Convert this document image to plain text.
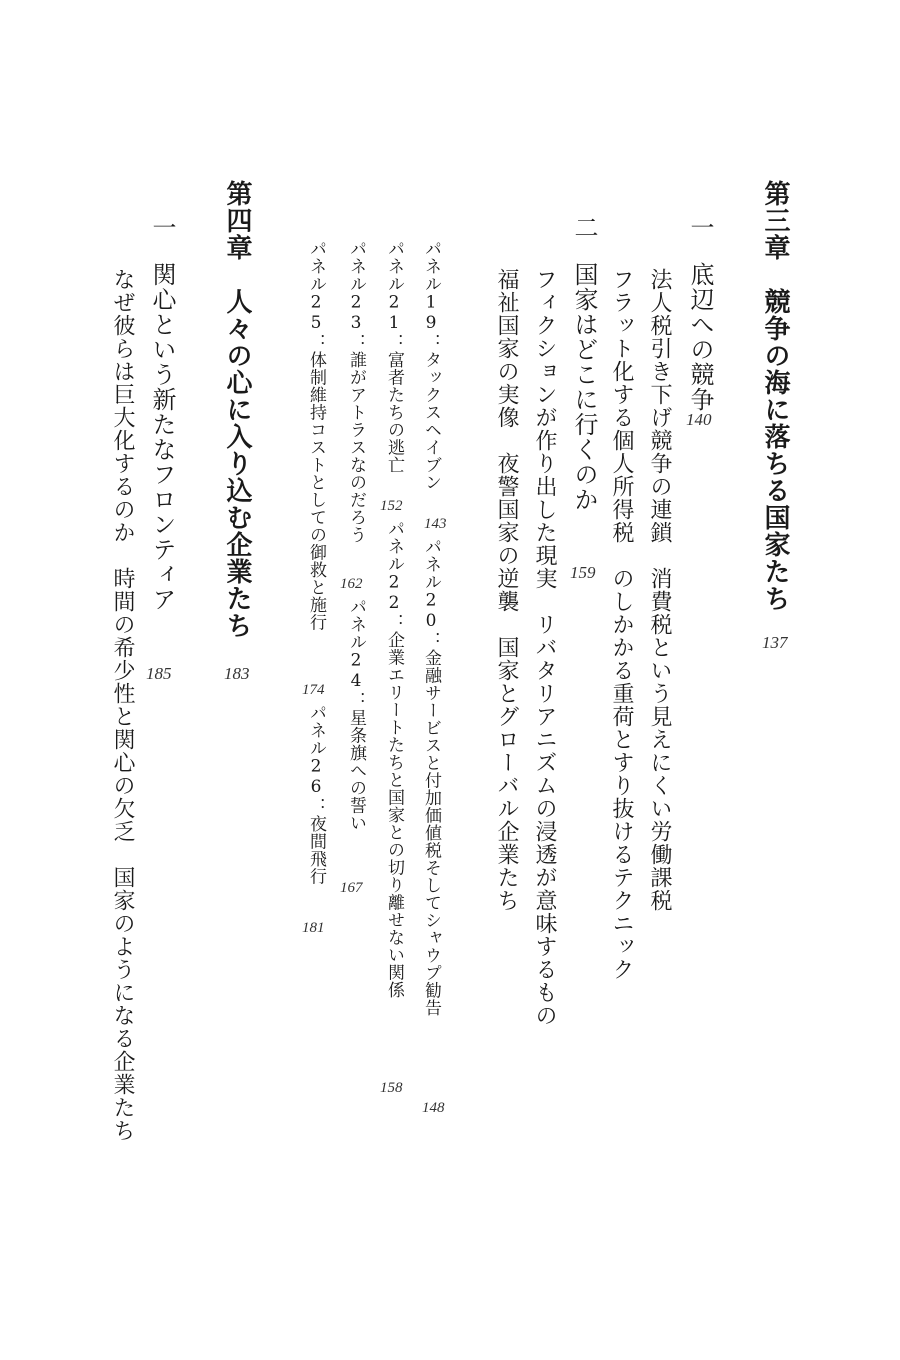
第三章　競争の海に落ちる国家たち
137
一
底辺への競争
140
法人税引き下げ競争の連鎖　消費税という見えにくい労働課税
フラット化する個人所得税　のしかかる重荷とすり抜けるテクニック
二
国家はどこに行くのか
159
フィクションが作り出した現実　リバタリアニズムの浸透が意味するもの
福祉国家の実像　夜警国家の逆襲　国家とグローバル企業たち
パネル19：タックスヘイブン
143
パネル20：金融サービスと付加価値税そしてシャウプ勧告
148
パネル21：富者たちの逃亡
152
パネル22：企業エリートたちと国家との切り離せない関係
158
パネル23：誰がアトラスなのだろう
162
パネル24：星条旗への誓い
167
パネル25：体制維持コストとしての御救と施行
174
パネル26：夜間飛行
181
第四章　人々の心に入り込む企業たち
183
一
関心という新たなフロンティア
185
なぜ彼らは巨大化するのか　時間の希少性と関心の欠乏　国家のようになる企業たち
